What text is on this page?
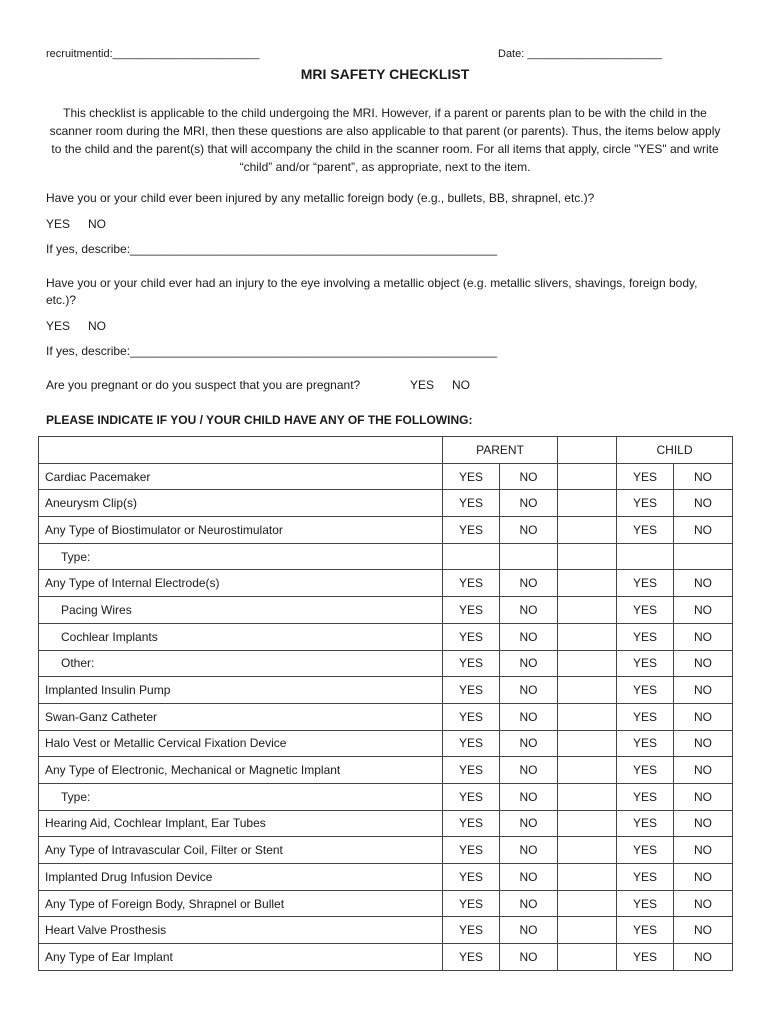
recruitmentid:________________________	Date: ______________________
MRI SAFETY CHECKLIST
This checklist is applicable to the child undergoing the MRI. However, if a parent or parents plan to be with the child in the scanner room during the MRI, then these questions are also applicable to that parent (or parents). Thus, the items below apply to the child and the parent(s) that will accompany the child in the scanner room. For all items that apply, circle "YES" and write “child” and/or “parent”, as appropriate, next to the item.
Have you or your child ever been injured by any metallic foreign body (e.g., bullets, BB, shrapnel, etc.)?
YES NO
If yes, describe:_______________________________________________________
Have you or your child ever had an injury to the eye involving a metallic object (e.g. metallic slivers, shavings, foreign body, etc.)?
YES NO
If yes, describe:_______________________________________________________
Are you pregnant or do you suspect that you are pregnant?	YES NO
PLEASE INDICATE IF YOU / YOUR CHILD HAVE ANY OF THE FOLLOWING:
	PARENT			CHILD	
Cardiac Pacemaker	YES	NO		YES	NO
Aneurysm Clip(s)	YES	NO		YES	NO
Any Type of Biostimulator or Neurostimulator	YES	NO		YES	NO
Type:					
Any Type of Internal Electrode(s)	YES	NO		YES	NO
Pacing Wires	YES	NO		YES	NO
Cochlear Implants	YES	NO		YES	NO
Other:	YES	NO		YES	NO
Implanted Insulin Pump	YES	NO		YES	NO
Swan-Ganz Catheter	YES	NO		YES	NO
Halo Vest or Metallic Cervical Fixation Device	YES	NO		YES	NO
Any Type of Electronic, Mechanical or Magnetic Implant	YES	NO		YES	NO
Type:	YES	NO		YES	NO
Hearing Aid, Cochlear Implant, Ear Tubes	YES	NO		YES	NO
Any Type of Intravascular Coil, Filter or Stent	YES	NO		YES	NO
Implanted Drug Infusion Device	YES	NO		YES	NO
Any Type of Foreign Body, Shrapnel or Bullet	YES	NO		YES	NO
Heart Valve Prosthesis	YES	NO		YES	NO
Any Type of Ear Implant	YES	NO		YES	NO
